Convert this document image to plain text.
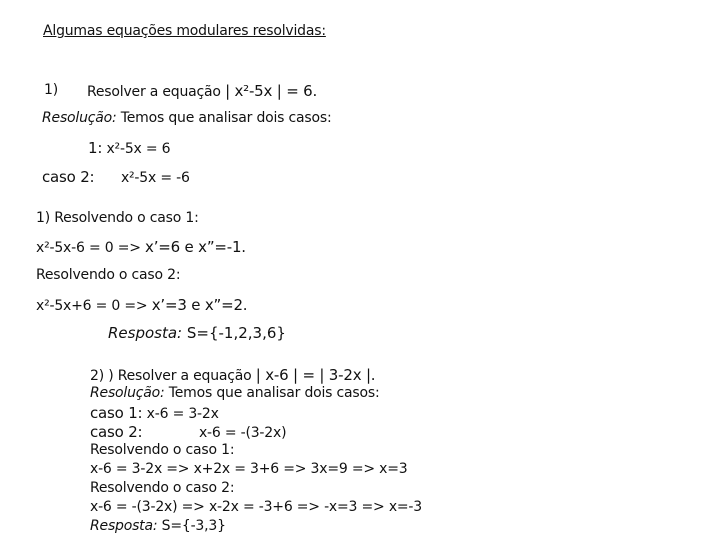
Algumas equações modulares resolvidas:
1) Resolver a equação | x²-5x | = 6.
Resolução: Temos que analisar dois casos:
1: x²-5x = 6
caso 2: x²-5x = -6
1) Resolvendo o caso 1:
x²-5x-6 = 0 => x’=6 e x”=-1.
Resolvendo o caso 2:
x²-5x+6 = 0 => x’=3 e x”=2.
Resposta: S={-1,2,3,6}
2) ) Resolver a equação | x-6 | = | 3-2x |.
Resolução: Temos que analisar dois casos:
caso 1: x-6 = 3-2x
caso 2:	x-6 = -(3-2x)
Resolvendo o caso 1:
x-6 = 3-2x => x+2x = 3+6 => 3x=9 => x=3
Resolvendo o caso 2:
x-6 = -(3-2x) => x-2x = -3+6 => -x=3 => x=-3
Resposta: S={-3,3}
